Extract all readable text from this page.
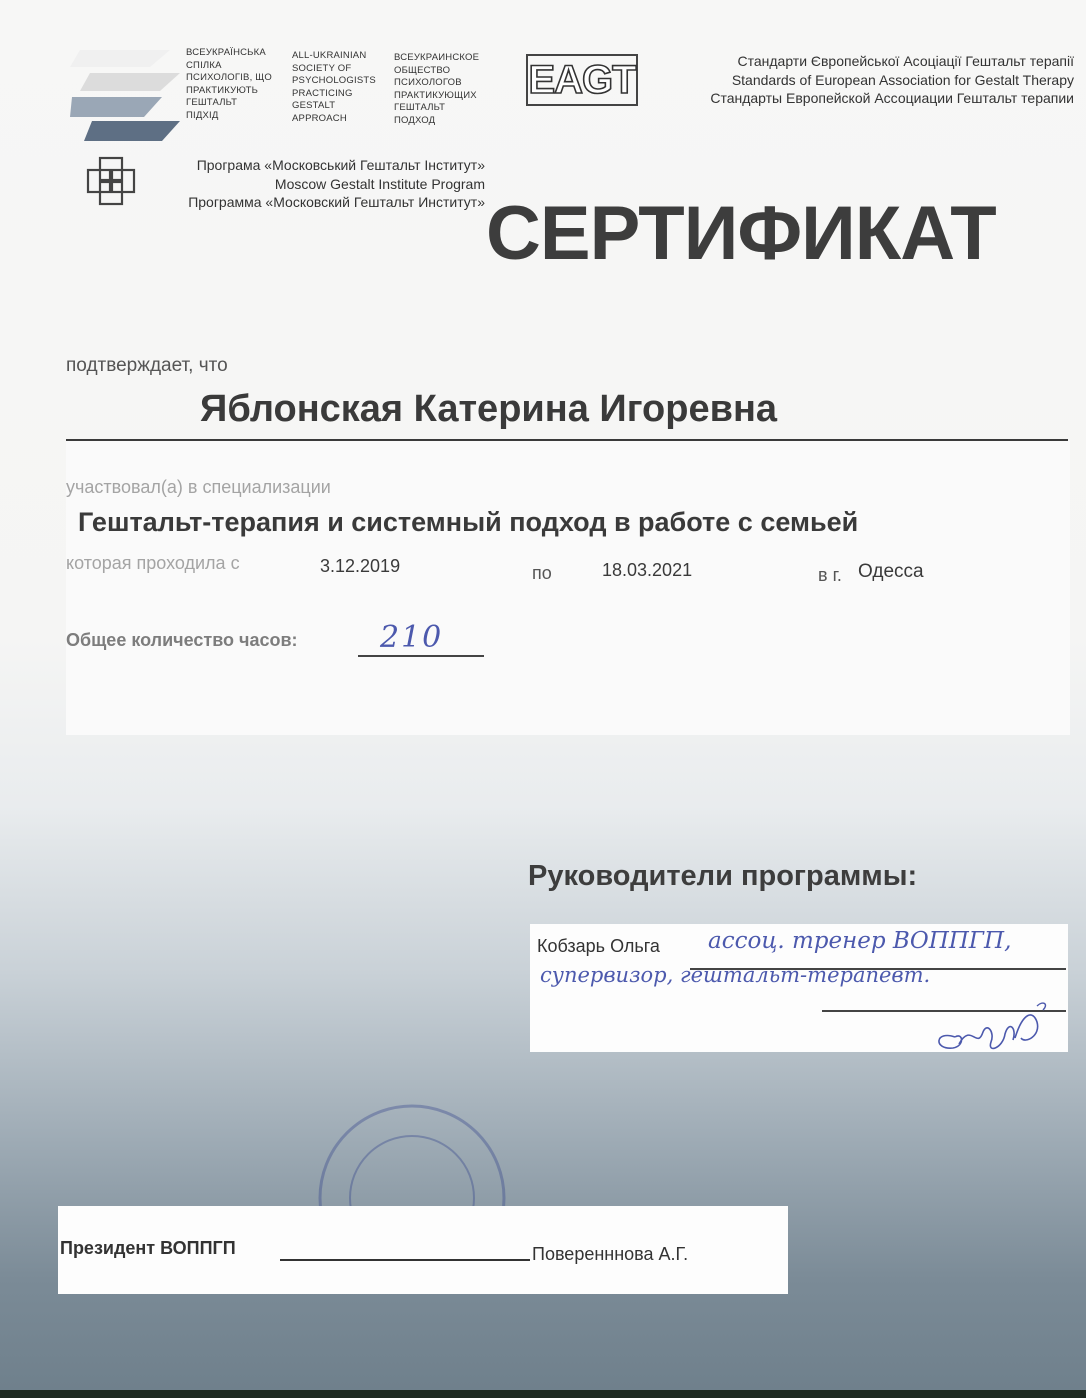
ВСЕУКРАЇНСЬКА
СПІЛКА
ПСИХОЛОГІВ, ЩО
ПРАКТИКУЮТЬ
ГЕШТАЛЬТ
ПІДХІД
ALL-UKRAINIAN
SOCIETY OF
PSYCHOLOGISTS
PRACTICING
GESTALT
APPROACH
ВСЕУКРАИНСКОЕ
ОБЩЕСТВО
ПСИХОЛОГОВ
ПРАКТИКУЮЩИХ
ГЕШТАЛЬТ
ПОДХОД
EAGT	Стандарти Європейської Асоціації Гештальт терапії
Standards of European Association for Gestalt Therapy
Стандарты Европейской Ассоциации Гештальт терапии
Програма «Московський Гештальт Інститут»
Moscow Gestalt Institute Program
Программа «Московский Гештальт Институт» СЕРТИФИКАТ
подтверждает, что
Яблонская Катерина Игоревна
участвовал(а) в специализации
Гештальт-терапия и системный подход в работе с семьей
которая проходила с	3.12.2019	по	18.03.2021	в г. Одесса
Общее количество часов:	210
Руководители программы:
Кобзарь Ольга ассоц. тренер ВОППГП,
супервизор, гештальт-терапевт.
Президент ВОППГП	Поверенннова А.Г.
